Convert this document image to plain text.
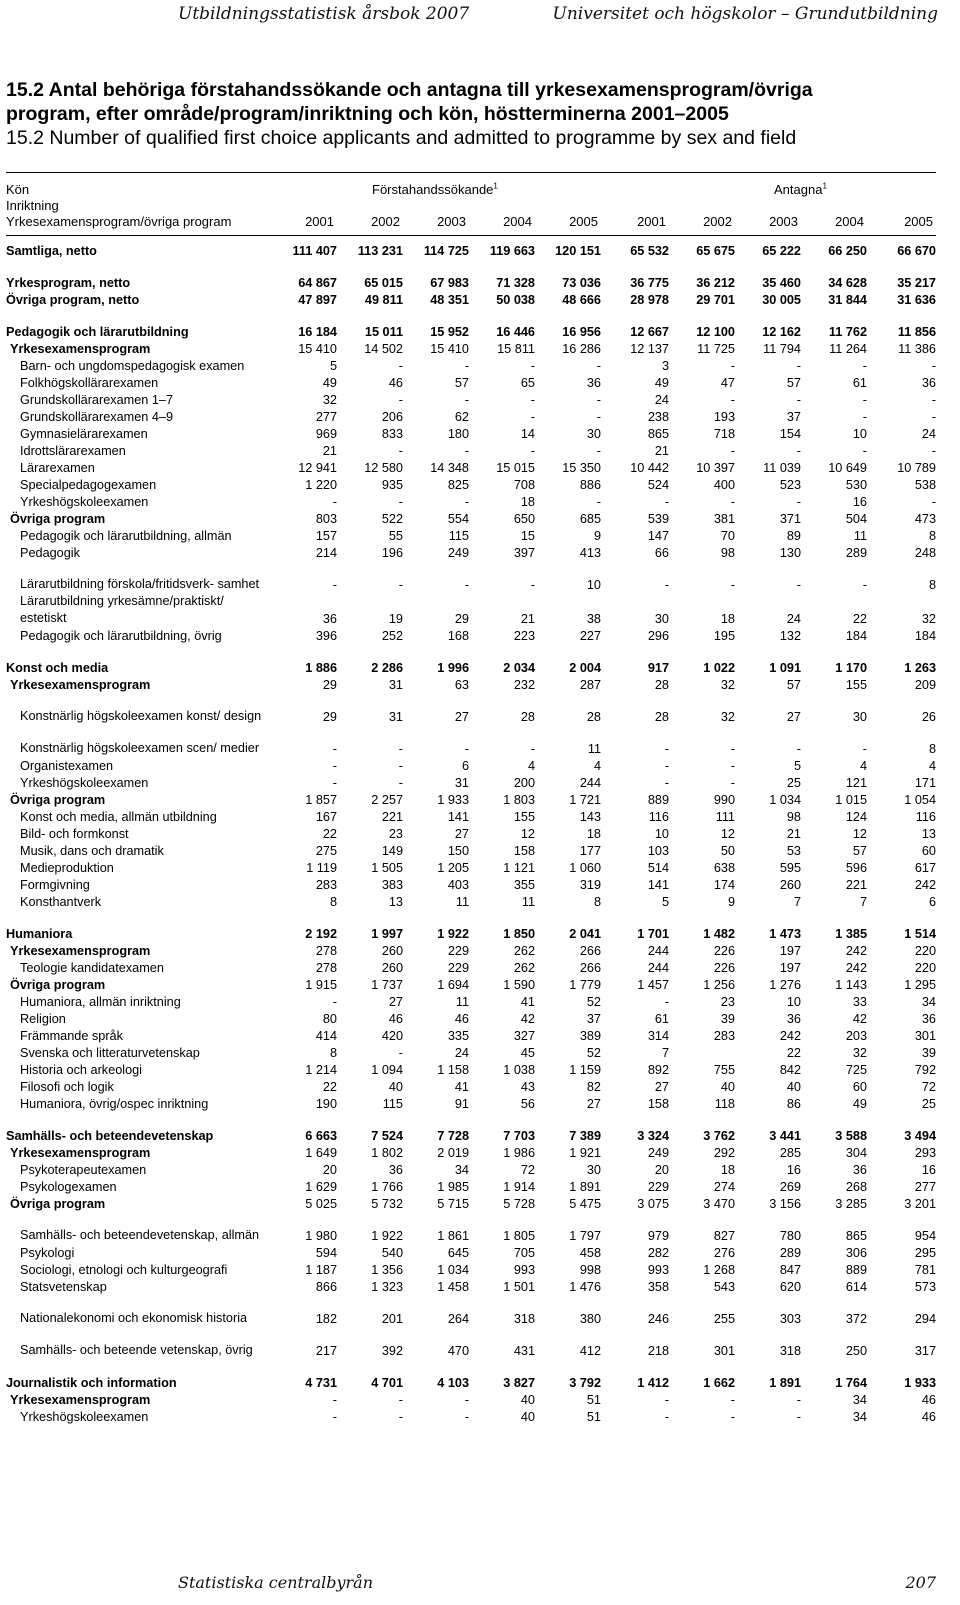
Utbildningsstatistisk årsbok 2007	Universitet och högskolor – Grundutbildning
15.2 Antal behöriga förstahandssökande och antagna till yrkesexamensprogram/övriga
program, efter område/program/inriktning och kön, höstterminerna 2001–2005
15.2 Number of qualified first choice applicants and admitted to programme by sex and field
Kön
Inriktning
Yrkesexamensprogram/övriga program
Förstahandssökande$^1$	Antagna$^1$
2001	2002	2003	2004	2005	2001	2002	2003	2004	2005
Samtliga, netto	111 407	113 231	114 725	119 663	120 151	65 532	65 675	65 222	66 250	66 670

Yrkesprogram, netto	64 867	65 015	67 983	71 328	73 036	36 775	36 212	35 460	34 628	35 217
Övriga program, netto	47 897	49 811	48 351	50 038	48 666	28 978	29 701	30 005	31 844	31 636

Pedagogik och lärarutbildning	16 184	15 011	15 952	16 446	16 956	12 667	12 100	12 162	11 762	11 856
Yrkesexamensprogram	15 410	14 502	15 410	15 811	16 286	12 137	11 725	11 794	11 264	11 386
Barn- och ungdomspedagogisk examen	5	-	-	-	-	3	-	-	-	-
Folkhögskollärarexamen	49	46	57	65	36	49	47	57	61	36
Grundskollärarexamen 1–7	32	-	-	-	-	24	-	-	-	-
Grundskollärarexamen 4–9	277	206	62	-	-	238	193	37	-	-
Gymnasielärarexamen	969	833	180	14	30	865	718	154	10	24
Idrottslärarexamen	21	-	-	-	-	21	-	-	-	-
Lärarexamen	12 941	12 580	14 348	15 015	15 350	10 442	10 397	11 039	10 649	10 789
Specialpedagogexamen	1 220	935	825	708	886	524	400	523	530	538
Yrkeshögskoleexamen	-	-	-	18	-	-	-	-	16	-
Övriga program	803	522	554	650	685	539	381	371	504	473
Pedagogik och lärarutbildning, allmän	157	55	115	15	9	147	70	89	11	8
Pedagogik	214	196	249	397	413	66	98	130	289	248
Lärarutbildning förskola/fritidsverk- samhet	-	-	-	-	10	-	-	-	-	8
Lärarutbildning yrkesämne/praktiskt/ estetiskt	36	19	29	21	38	30	18	24	22	32
Pedagogik och lärarutbildning, övrig	396	252	168	223	227	296	195	132	184	184

Konst och media	1 886	2 286	1 996	2 034	2 004	917	1 022	1 091	1 170	1 263
Yrkesexamensprogram	29	31	63	232	287	28	32	57	155	209
Konstnärlig högskoleexamen konst/ design	29	31	27	28	28	28	32	27	30	26
Konstnärlig högskoleexamen scen/ medier	-	-	-	-	11	-	-	-	-	8
Organistexamen	-	-	6	4	4	-	-	5	4	4
Yrkeshögskoleexamen	-	-	31	200	244	-	-	25	121	171
Övriga program	1 857	2 257	1 933	1 803	1 721	889	990	1 034	1 015	1 054
Konst och media, allmän utbildning	167	221	141	155	143	116	111	98	124	116
Bild- och formkonst	22	23	27	12	18	10	12	21	12	13
Musik, dans och dramatik	275	149	150	158	177	103	50	53	57	60
Medieproduktion	1 119	1 505	1 205	1 121	1 060	514	638	595	596	617
Formgivning	283	383	403	355	319	141	174	260	221	242
Konsthantverk	8	13	11	11	8	5	9	7	7	6

Humaniora	2 192	1 997	1 922	1 850	2 041	1 701	1 482	1 473	1 385	1 514
Yrkesexamensprogram	278	260	229	262	266	244	226	197	242	220
Teologie kandidatexamen	278	260	229	262	266	244	226	197	242	220
Övriga program	1 915	1 737	1 694	1 590	1 779	1 457	1 256	1 276	1 143	1 295
Humaniora, allmän inriktning	-	27	11	41	52	-	23	10	33	34
Religion	80	46	46	42	37	61	39	36	42	36
Främmande språk	414	420	335	327	389	314	283	242	203	301
Svenska och litteraturvetenskap	8	-	24	45	52	7		22	32	39
Historia och arkeologi	1 214	1 094	1 158	1 038	1 159	892	755	842	725	792
Filosofi och logik	22	40	41	43	82	27	40	40	60	72
Humaniora, övrig/ospec inriktning	190	115	91	56	27	158	118	86	49	25

Samhälls- och beteendevetenskap	6 663	7 524	7 728	7 703	7 389	3 324	3 762	3 441	3 588	3 494
Yrkesexamensprogram	1 649	1 802	2 019	1 986	1 921	249	292	285	304	293
Psykoterapeutexamen	20	36	34	72	30	20	18	16	36	16
Psykologexamen	1 629	1 766	1 985	1 914	1 891	229	274	269	268	277
Övriga program	5 025	5 732	5 715	5 728	5 475	3 075	3 470	3 156	3 285	3 201
Samhälls- och beteendevetenskap, allmän	1 980	1 922	1 861	1 805	1 797	979	827	780	865	954
Psykologi	594	540	645	705	458	282	276	289	306	295
Sociologi, etnologi och kulturgeografi	1 187	1 356	1 034	993	998	993	1 268	847	889	781
Statsvetenskap	866	1 323	1 458	1 501	1 476	358	543	620	614	573
Nationalekonomi och ekonomisk historia	182	201	264	318	380	246	255	303	372	294
Samhälls- och beteende vetenskap, övrig	217	392	470	431	412	218	301	318	250	317

Journalistik och information	4 731	4 701	4 103	3 827	3 792	1 412	1 662	1 891	1 764	1 933
Yrkesexamensprogram	-	-	-	40	51	-	-	-	34	46
Yrkeshögskoleexamen	-	-	-	40	51	-	-	-	34	46
Statistiska centralbyrån	207
